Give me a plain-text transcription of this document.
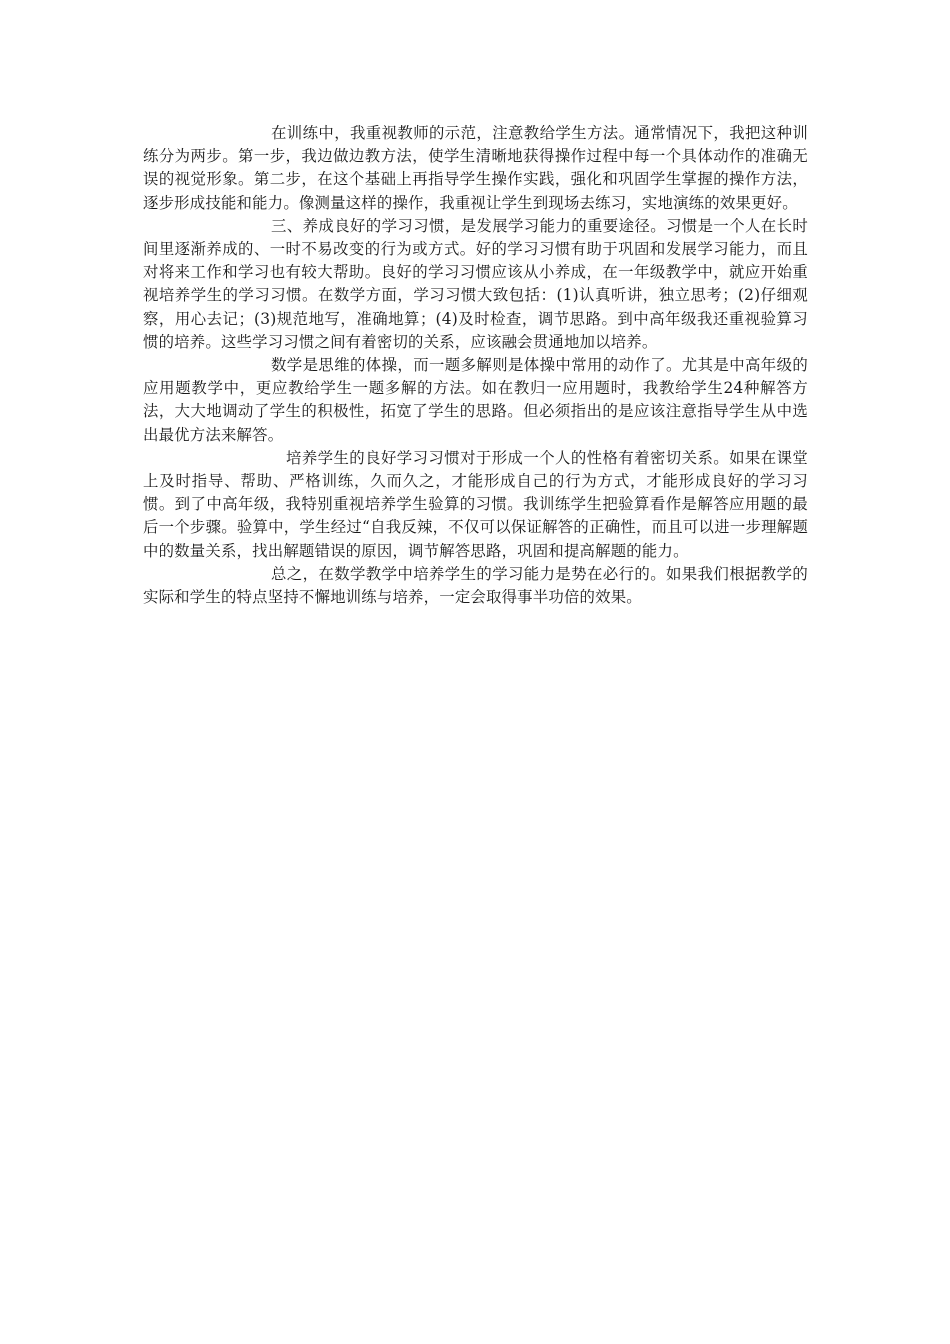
在训练中，我重视教师的示范，注意教给学生方法。通常情况下，我把这种训练分为两步。第一步，我边做边教方法，使学生清晰地获得操作过程中每一个具体动作的准确无误的视觉形象。第二步，在这个基础上再指导学生操作实践，强化和巩固学生掌握的操作方法，逐步形成技能和能力。像测量这样的操作，我重视让学生到现场去练习，实地演练的效果更好。

三、养成良好的学习习惯，是发展学习能力的重要途径。习惯是一个人在长时间里逐渐养成的、一时不易改变的行为或方式。好的学习习惯有助于巩固和发展学习能力，而且对将来工作和学习也有较大帮助。良好的学习习惯应该从小养成，在一年级教学中，就应开始重视培养学生的学习习惯。在数学方面，学习习惯大致包括：(1)认真听讲，独立思考；(2)仔细观察，用心去记；(3)规范地写，准确地算；(4)及时检查，调节思路。到中高年级我还重视验算习惯的培养。这些学习习惯之间有着密切的关系，应该融会贯通地加以培养。

数学是思维的体操，而一题多解则是体操中常用的动作了。尤其是中高年级的应用题教学中，更应教给学生一题多解的方法。如在教归一应用题时，我教给学生24种解答方法，大大地调动了学生的积极性，拓宽了学生的思路。但必须指出的是应该注意指导学生从中选出最优方法来解答。

培养学生的良好学习习惯对于形成一个人的性格有着密切关系。如果在课堂上及时指导、帮助、严格训练，久而久之，才能形成自己的行为方式，才能形成良好的学习习惯。到了中高年级，我特别重视培养学生验算的习惯。我训练学生把验算看作是解答应用题的最后一个步骤。验算中，学生经过“自我反辣，不仅可以保证解答的正确性，而且可以进一步理解题中的数量关系，找出解题错误的原因，调节解答思路，巩固和提高解题的能力。

总之，在数学教学中培养学生的学习能力是势在必行的。如果我们根据教学的实际和学生的特点坚持不懈地训练与培养，一定会取得事半功倍的效果。
